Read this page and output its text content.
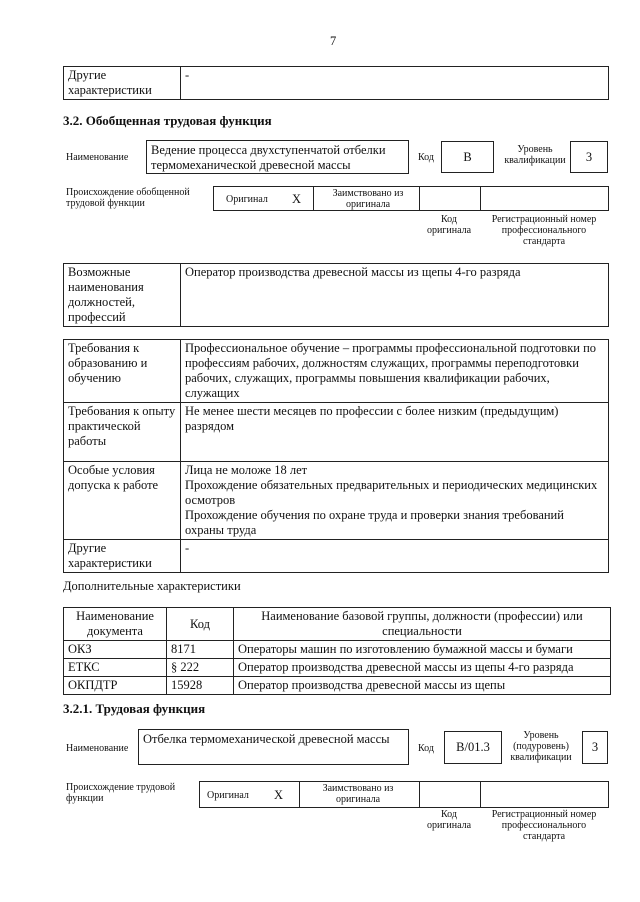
7
Другие характеристики	-
3.2. Обобщенная трудовая функция
Наименование
Ведение процесса двухступенчатой отбелки термомеханической древесной массы
Код	B	Уровень квалификации	3
Происхождение обобщенной трудовой функции	Оригинал X	Заимствовано из оригинала
Код оригинала
Регистрационный номер профессионального стандарта
Возможные наименования должностей, профессий	Оператор производства древесной массы из щепы 4-го разряда
Требования к образованию и обучению	Профессиональное обучение – программы профессиональной подготовки по профессиям рабочих, должностям служащих, программы переподготовки рабочих, служащих, программы повышения квалификации рабочих, служащих
Требования к опыту практической работы	Не менее шести месяцев по профессии с более низким (предыдущим) разрядом
Особые условия допуска к работе	Лица не моложе 18 лет
Прохождение обязательных предварительных и периодических медицинских осмотров
Прохождение обучения по охране труда и проверки знания требований охраны труда

Другие характеристики	-
Дополнительные характеристики
Наименование документа	Код	Наименование базовой группы, должности (профессии) или специальности
ОКЗ	8171	Операторы машин по изготовлению бумажной массы и бумаги
ЕТКС	§ 222	Оператор производства древесной массы из щепы 4-го разряда
ОКПДТР	15928	Оператор производства древесной массы из щепы
3.2.1. Трудовая функция
Наименование
Отбелка термомеханической древесной массы
Код	B/01.3
Уровень (подуровень) квалификации
3
Происхождение трудовой функции	Оригинал X	Заимствовано из оригинала
Код оригинала
Регистрационный номер профессионального стандарта
